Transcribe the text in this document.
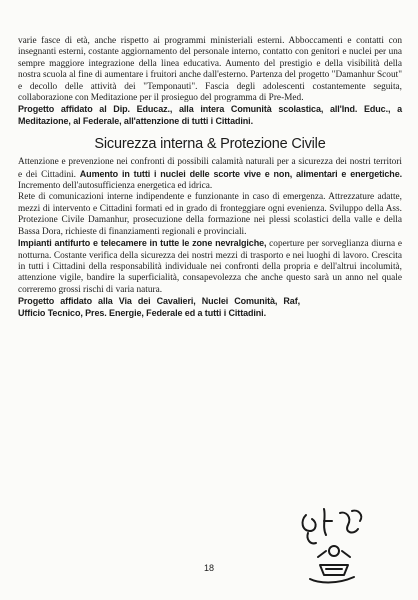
varie fasce di età, anche rispetto ai programmi ministeriali esterni. Abboccamenti e contatti con insegnanti esterni, costante aggiornamento del personale interno, contatto con genitori e nuclei per una sempre maggiore integrazione della linea educativa. Aumento del prestigio e della visibilità della nostra scuola al fine di aumentare i fruitori anche dall'esterno. Partenza del progetto "Damanhur Scout" e decollo delle attività dei "Temponauti". Fascia degli adolescenti costantemente seguita, collaborazione con Meditazione per il prosieguo del programma di Pre-Med.

Progetto affidato al Dip. Educaz., alla intera Comunità scolastica, all'Ind. Educ., a Meditazione, al Federale, all'attenzione di tutti i Cittadini.

Sicurezza interna & Protezione Civile

Attenzione e prevenzione nei confronti di possibili calamità naturali per a sicurezza dei nostri territori e dei Cittadini. Aumento in tutti i nuclei delle scorte vive e non, alimentari e energetiche. Incremento dell'autosufficienza energetica ed idrica.

Rete di comunicazioni interne indipendente e funzionante in caso di emergenza. Attrezzature adatte, mezzi di intervento e Cittadini formati ed in grado di fronteggiare ogni evenienza. Sviluppo della Ass. Protezione Civile Damanhur, prosecuzione della formazione nei plessi scolastici della valle e della Bassa Dora, richieste di finanziamenti regionali e provinciali.

Impianti antifurto e telecamere in tutte le zone nevralgiche, coperture per sorveglianza diurna e notturna. Costante verifica della sicurezza dei nostri mezzi di trasporto e nei luoghi di lavoro. Crescita in tutti i Cittadini della responsabilità individuale nei confronti della propria e dell'altrui incolumità, attenzione vigile, bandire la superficialità, consapevolezza che anche questo sarà un anno nel quale correremo grossi rischi di varia natura.

Progetto affidato alla Via dei Cavalieri, Nuclei Comunità, Raf, Ufficio Tecnico, Pres. Energie, Federale ed a tutti i Cittadini.

18
